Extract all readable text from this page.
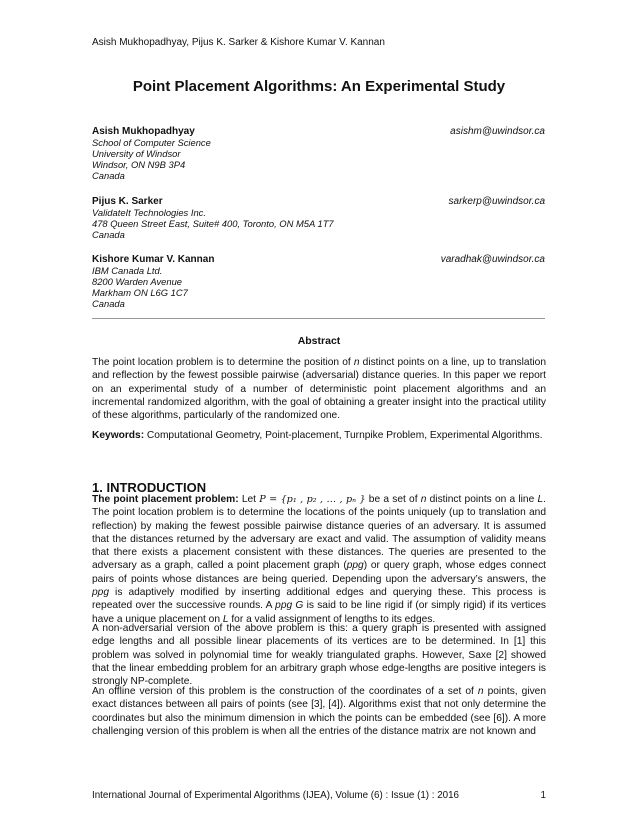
Asish Mukhopadhyay, Pijus K. Sarker & Kishore Kumar V. Kannan
Point Placement Algorithms: An Experimental Study
Asish Mukhopadhyay	asishm@uwindsor.ca
School of Computer Science
University of Windsor
Windsor, ON N9B 3P4
Canada
Pijus K. Sarker	sarkerp@uwindsor.ca
ValidateIt Technologies Inc.
478 Queen Street East, Suite# 400, Toronto, ON M5A 1T7
Canada
Kishore Kumar V. Kannan	varadhak@uwindsor.ca
IBM Canada Ltd.
8200 Warden Avenue
Markham ON L6G 1C7
Canada
Abstract
The point location problem is to determine the position of n distinct points on a line, up to translation and reflection by the fewest possible pairwise (adversarial) distance queries. In this paper we report on an experimental study of a number of deterministic point placement algorithms and an incremental randomized algorithm, with the goal of obtaining a greater insight into the practical utility of these algorithms, particularly of the randomized one.
Keywords: Computational Geometry, Point-placement, Turnpike Problem, Experimental Algorithms.
1. INTRODUCTION
The point placement problem: Let P = {p₁ , p₂ , … , pₙ } be a set of n distinct points on a line L. The point location problem is to determine the locations of the points uniquely (up to translation and reflection) by making the fewest possible pairwise distance queries of an adversary. It is assumed that the distances returned by the adversary are exact and valid. The assumption of validity means that there exists a placement consistent with these distances. The queries are presented to the adversary as a graph, called a point placement graph (ppg) or query graph, whose edges connect pairs of points whose distances are being queried. Depending upon the adversary’s answers, the ppg is adaptively modified by inserting additional edges and querying these. This process is repeated over the successive rounds. A ppg G is said to be line rigid if (or simply rigid) if its vertices have a unique placement on L for a valid assignment of lengths to its edges.
A non-adversarial version of the above problem is this: a query graph is presented with assigned edge lengths and all possible linear placements of its vertices are to be determined. In [1] this problem was solved in polynomial time for weakly triangulated graphs. However, Saxe [2] showed that the linear embedding problem for an arbitrary graph whose edge-lengths are positive integers is strongly NP-complete.
An offline version of this problem is the construction of the coordinates of a set of n points, given exact distances between all pairs of points (see [3], [4]). Algorithms exist that not only determine the coordinates but also the minimum dimension in which the points can be embedded (see [6]). A more challenging version of this problem is when all the entries of the distance matrix are not known and
International Journal of Experimental Algorithms (IJEA), Volume (6) : Issue (1) : 2016	1
